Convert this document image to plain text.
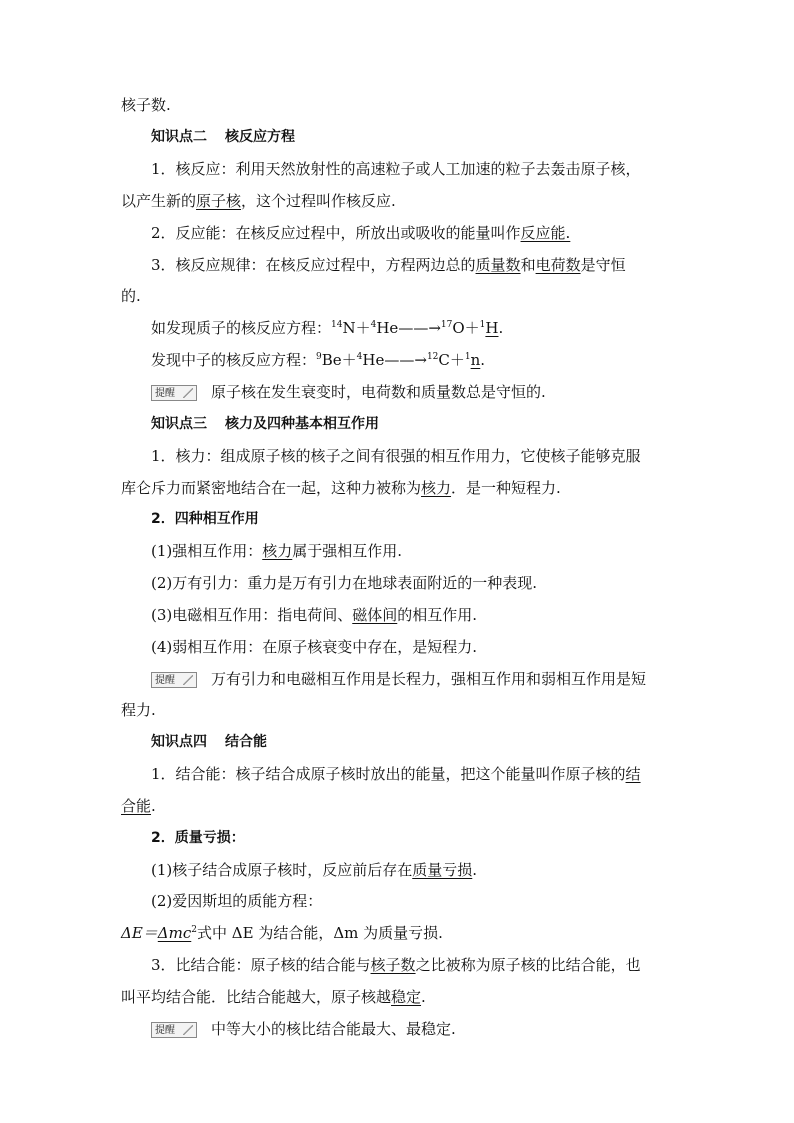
核子数.
知识点二 核反应方程
1．核反应：利用天然放射性的高速粒子或人工加速的粒子去轰击原子核，
以产生新的原子核，这个过程叫作核反应.
2．反应能：在核反应过程中，所放出或吸收的能量叫作反应能.
3．核反应规律：在核反应过程中，方程两边总的质量数和电荷数是守恒
的.
如发现质子的核反应方程：$^{14}$N＋$^4$He——→$^{17}$O＋$^1$H.
发现中子的核反应方程：$^9$Be＋$^4$He——→$^{12}$C＋$^1$n.
提醒 原子核在发生衰变时，电荷数和质量数总是守恒的.
知识点三 核力及四种基本相互作用
1．核力：组成原子核的核子之间有很强的相互作用力，它使核子能够克服
库仑斥力而紧密地结合在一起，这种力被称为核力．是一种短程力.
2．四种相互作用
(1)强相互作用：核力属于强相互作用.
(2)万有引力：重力是万有引力在地球表面附近的一种表现.
(3)电磁相互作用：指电荷间、磁体间的相互作用.
(4)弱相互作用：在原子核衰变中存在，是短程力.
提醒 万有引力和电磁相互作用是长程力，强相互作用和弱相互作用是短
程力.
知识点四 结合能
1．结合能：核子结合成原子核时放出的能量，把这个能量叫作原子核的结
合能.
2．质量亏损：
(1)核子结合成原子核时，反应前后存在质量亏损.
(2)爱因斯坦的质能方程：
ΔE＝Δmc$^2$式中 ΔE 为结合能，Δm 为质量亏损.
3．比结合能：原子核的结合能与核子数之比被称为原子核的比结合能，也
叫平均结合能．比结合能越大，原子核越稳定.
提醒 中等大小的核比结合能最大、最稳定.
